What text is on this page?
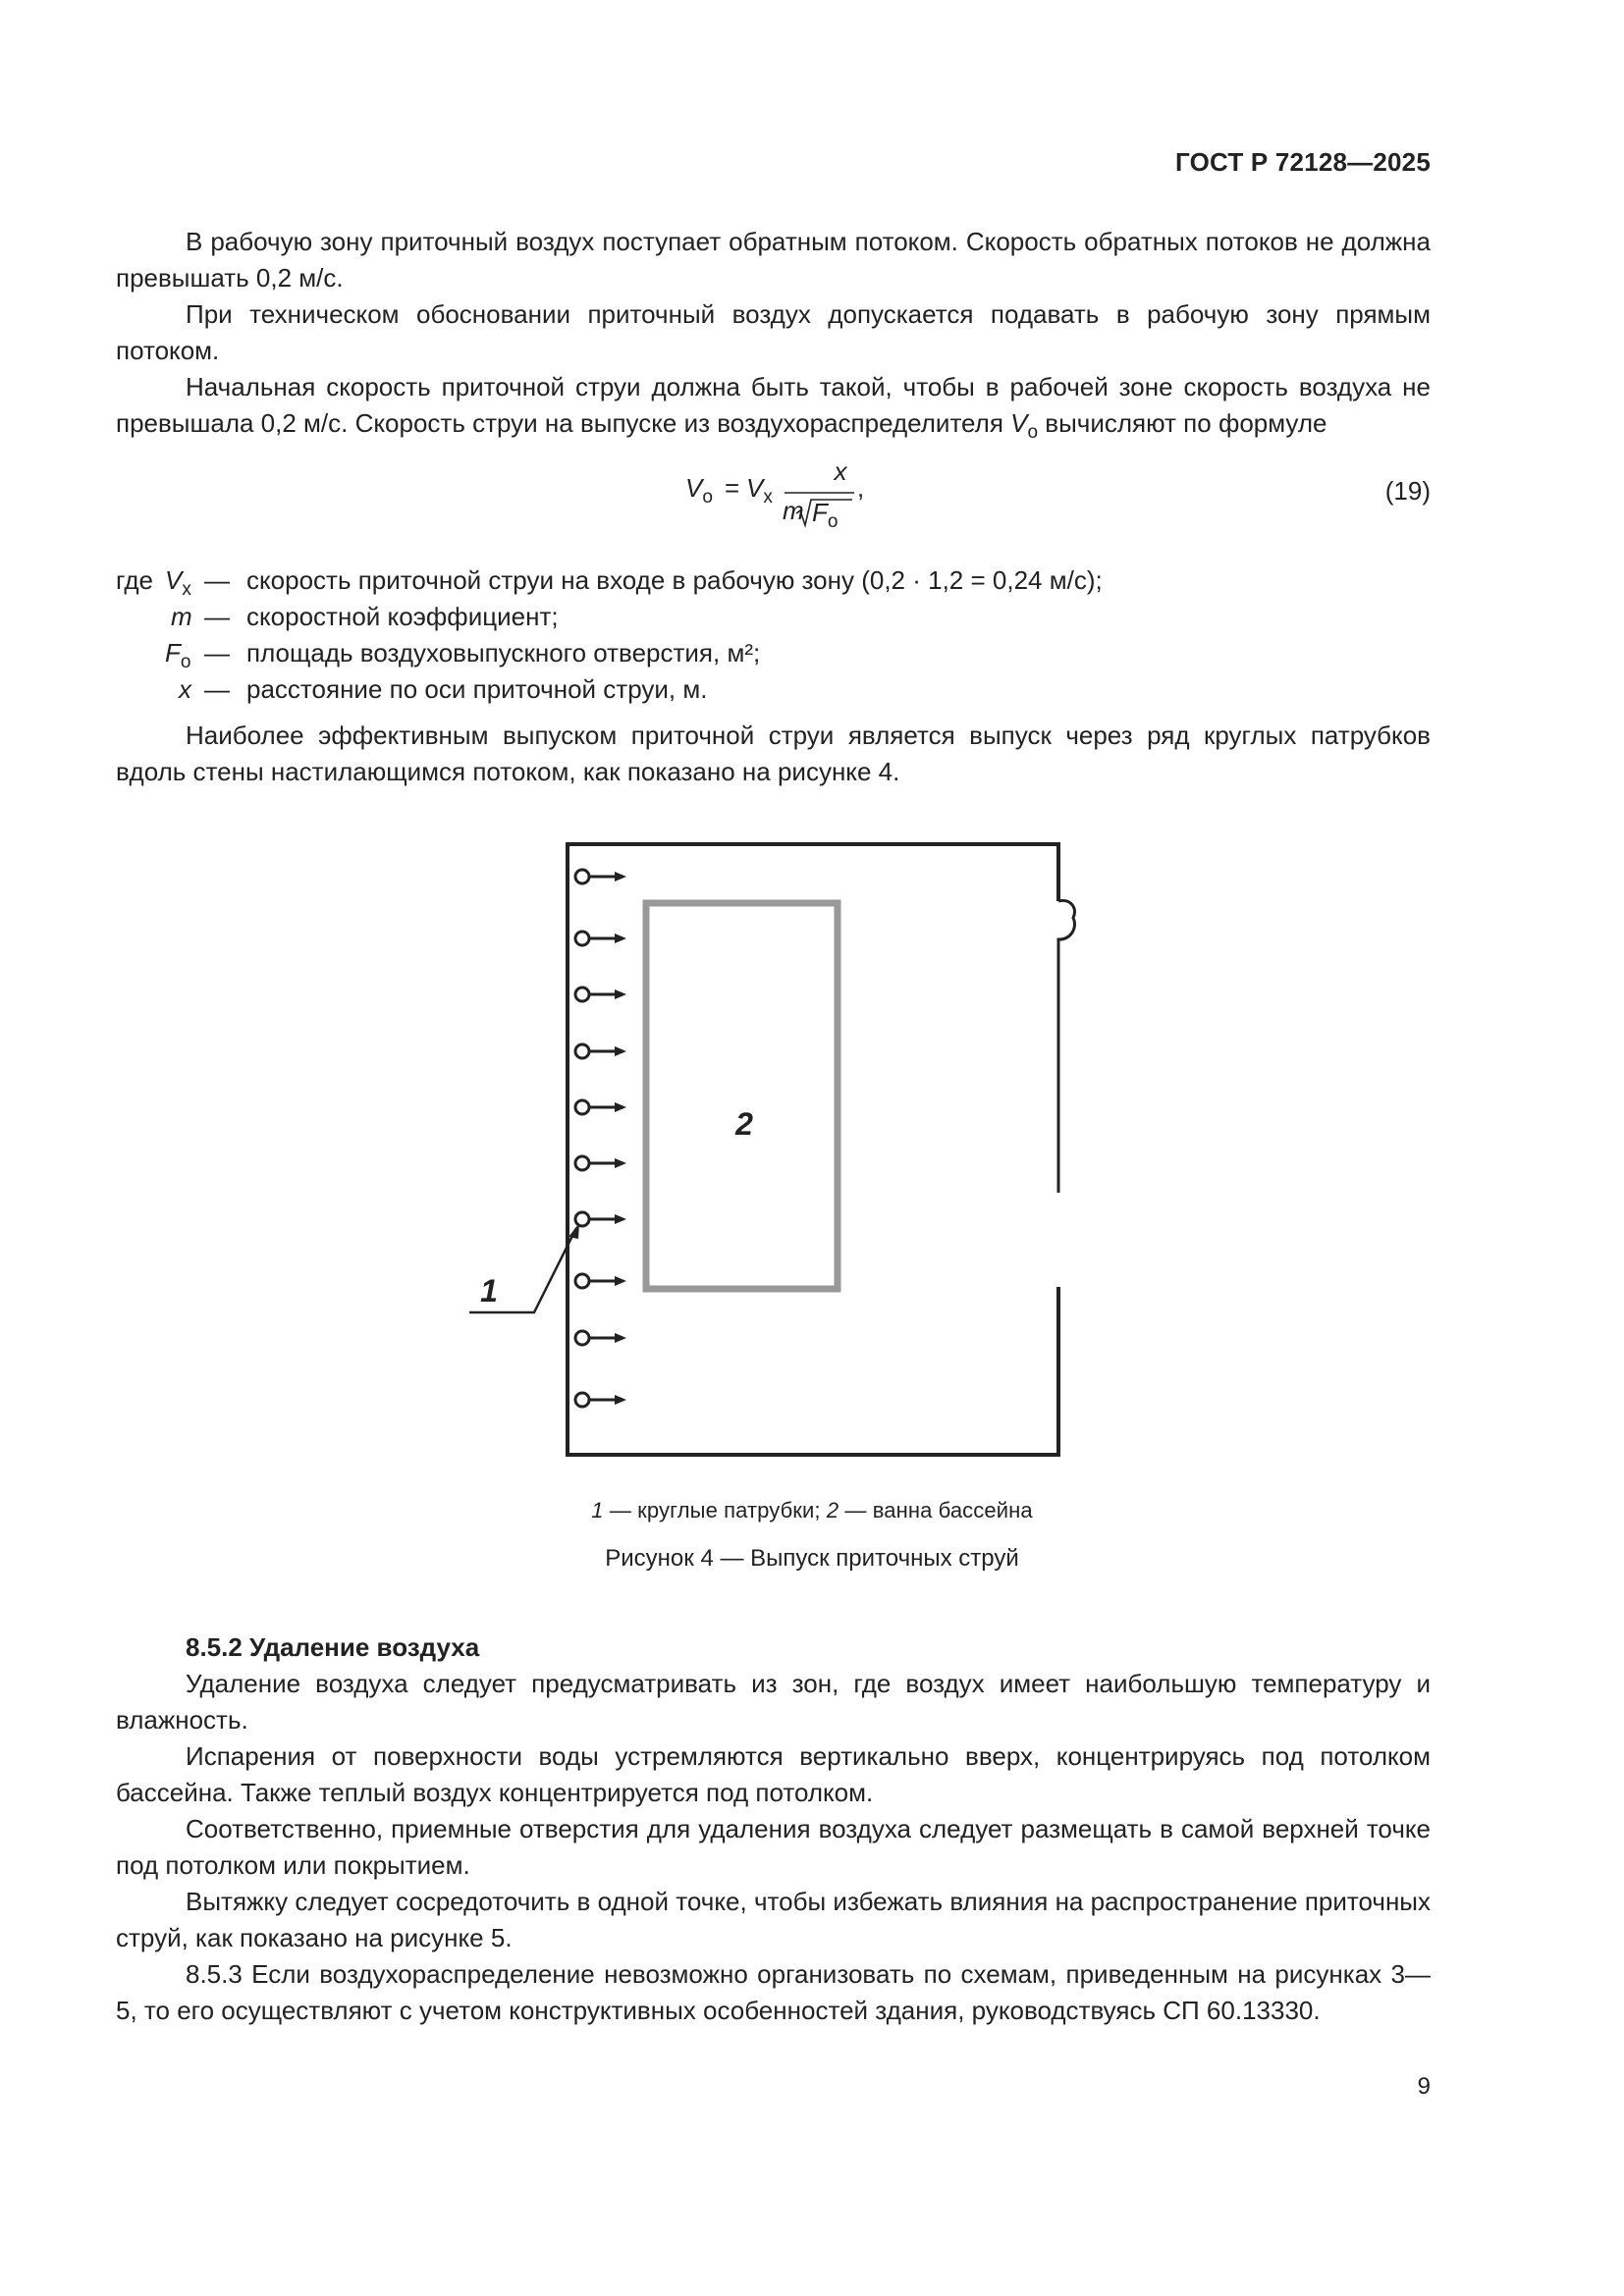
ГОСТ Р 72128—2025

В рабочую зону приточный воздух поступает обратным потоком. Скорость обратных потоков не должна превышать 0,2 м/с.

При техническом обосновании приточный воздух допускается подавать в рабочую зону прямым потоком.

Начальная скорость приточной струи должна быть такой, чтобы в рабочей зоне скорость воздуха не превышала 0,2 м/с. Скорость струи на выпуске из воздухораспределителя $V_o$ вычисляют по формуле

$V_o = V_x$
x
m $F_o$
,	(19)
где $V_x$ — скорость приточной струи на входе в рабочую зону (0,2 · 1,2 = 0,24 м/с);
m — скоростной коэффициент;
$F_o$ — площадь воздуховыпускного отверстия, м²;
x — расстояние по оси приточной струи, м.

Наиболее эффективным выпуском приточной струи является выпуск через ряд круглых патрубков вдоль стены настилающимся потоком, как показано на рисунке 4.

2
1
1 — круглые патрубки; 2 — ванна бассейна
Рисунок 4 — Выпуск приточных струй
8.5.2 Удаление воздуха

Удаление воздуха следует предусматривать из зон, где воздух имеет наибольшую температуру и влажность.

Испарения от поверхности воды устремляются вертикально вверх, концентрируясь под потолком бассейна. Также теплый воздух концентрируется под потолком.

Соответственно, приемные отверстия для удаления воздуха следует размещать в самой верхней точке под потолком или покрытием.

Вытяжку следует сосредоточить в одной точке, чтобы избежать влияния на распространение приточных струй, как показано на рисунке 5.

8.5.3 Если воздухораспределение невозможно организовать по схемам, приведенным на рисунках 3—5, то его осуществляют с учетом конструктивных особенностей здания, руководствуясь СП 60.13330.

9
